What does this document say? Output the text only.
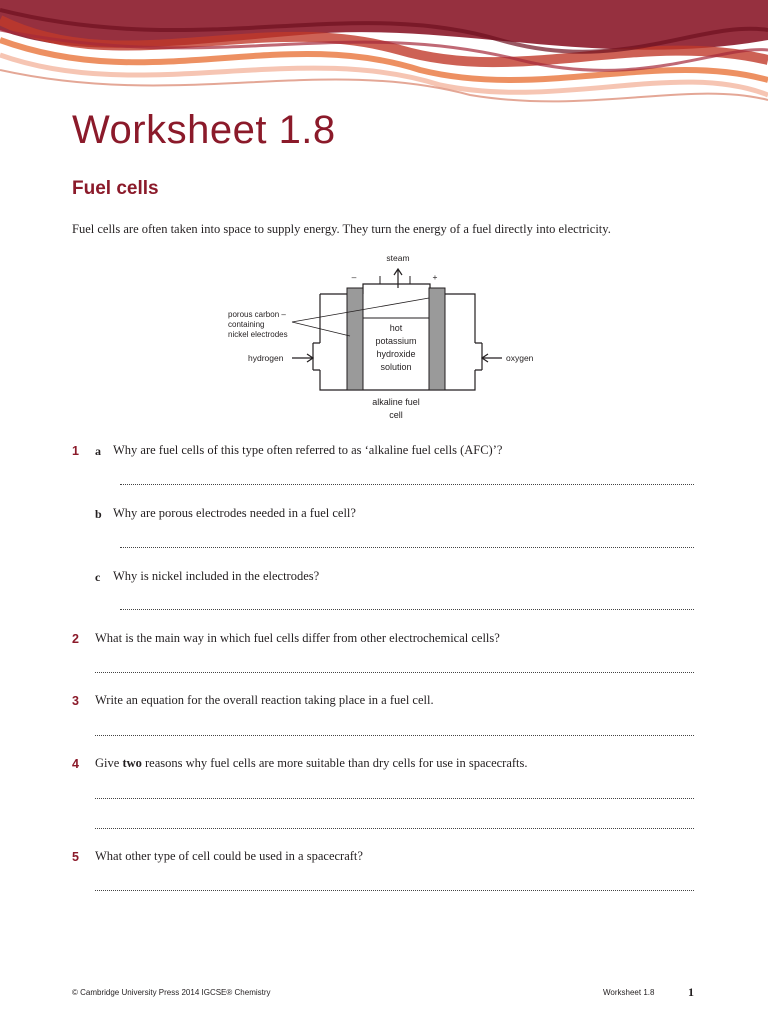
Worksheet 1.8
Fuel cells

Fuel cells are often taken into space to supply energy. They turn the energy of a fuel directly into electricity.

steam
–	+
porous carbon –
containing
nickel electrodes
hydrogen	oxygen
hot
potassium
hydroxide
solution
alkaline fuel
cell
1 a Why are fuel cells of this type often referred to as ‘alkaline fuel cells (AFC)’?

b Why are porous electrodes needed in a fuel cell?

c Why is nickel included in the electrodes?

2 What is the main way in which fuel cells differ from other electrochemical cells?

3 Write an equation for the overall reaction taking place in a fuel cell.

4 Give two reasons why fuel cells are more suitable than dry cells for use in spacecrafts.

5 What other type of cell could be used in a spacecraft?

© Cambridge University Press 2014 IGCSE® Chemistry	Worksheet 1.8	1
